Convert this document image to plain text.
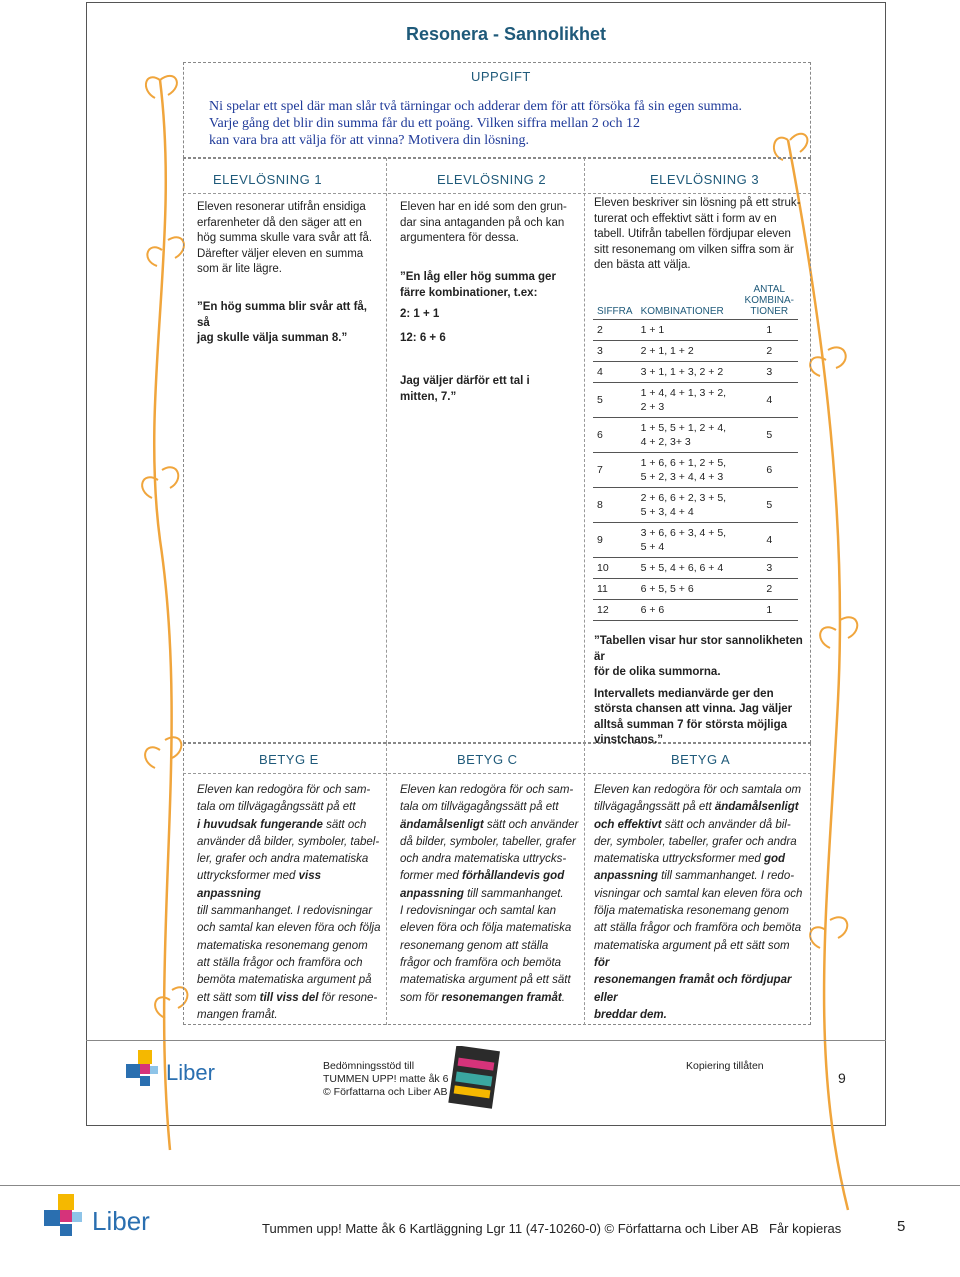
Resonera - Sannolikhet
UPPGIFT
Ni spelar ett spel där man slår två tärningar och adderar dem för att försöka få sin egen summa.
Varje gång det blir din summa får du ett poäng. Vilken siffra mellan 2 och 12
kan vara bra att välja för att vinna? Motivera din lösning.
ELEVLÖSNING 1	ELEVLÖSNING 2	ELEVLÖSNING 3
Eleven resonerar utifrån ensidiga
erfarenheter då den säger att en
hög summa skulle vara svår att få.
Därefter väljer eleven en summa
som är lite lägre.
”En hög summa blir svår att få, så
jag skulle välja summan 8.”
Eleven har en idé som den grun-
dar sina antaganden på och kan
argumentera för dessa.
”En låg eller hög summa ger
färre kombinationer, t.ex:
2: 1 + 1
12: 6 + 6
Jag väljer därför ett tal i
mitten, 7.”
Eleven beskriver sin lösning på ett struk-
turerat och effektivt sätt i form av en
tabell. Utifrån tabellen fördjupar eleven
sitt resonemang om vilken siffra som är
den bästa att välja.
SIFFRA	KOMBINATIONER	ANTAL
KOMBINA-
TIONER

2	1 + 1	1
3	2 + 1, 1 + 2	2
4	3 + 1, 1 + 3, 2 + 2	3
5	1 + 4, 4 + 1, 3 + 2,
2 + 3	4
6	1 + 5, 5 + 1, 2 + 4,
4 + 2, 3+ 3	5
7	1 + 6, 6 + 1, 2 + 5,
5 + 2, 3 + 4, 4 + 3	6
8	2 + 6, 6 + 2, 3 + 5,
5 + 3, 4 + 4	5
9	3 + 6, 6 + 3, 4 + 5,
5 + 4	4
10	5 + 5, 4 + 6, 6 + 4	3
11	6 + 5, 5 + 6	2
12	6 + 6	1
”Tabellen visar hur stor sannolikheten är
för de olika summorna.
Intervallets medianvärde ger den
största chansen att vinna. Jag väljer
alltså summan 7 för största möjliga
vinstchans.”
BETYG E	BETYG C	BETYG A
Eleven kan redogöra för och sam-
tala om tillvägagångssätt på ett
i huvudsak fungerande sätt och
använder då bilder, symboler, tabel-
ler, grafer och andra matematiska
uttrycksformer med viss anpassning
till sammanhanget. I redovisningar
och samtal kan eleven föra och följa
matematiska resonemang genom
att ställa frågor och framföra och
bemöta matematiska argument på
ett sätt som till viss del för resone-
mangen framåt.
Eleven kan redogöra för och sam-
tala om tillvägagångssätt på ett
ändamålsenligt sätt och använder
då bilder, symboler, tabeller, grafer
och andra matematiska uttrycks-
former med förhållandevis god
anpassning till sammanhanget.
I redovisningar och samtal kan
eleven föra och följa matematiska
resonemang genom att ställa
frågor och framföra och bemöta
matematiska argument på ett sätt
som för resonemangen framåt.
Eleven kan redogöra för och samtala om
tillvägagångssätt på ett ändamålsenligt
och effektivt sätt och använder då bil-
der, symboler, tabeller, grafer och andra
matematiska uttrycksformer med god
anpassning till sammanhanget. I redo-
visningar och samtal kan eleven föra och
följa matematiska resonemang genom
att ställa frågor och framföra och bemöta
matematiska argument på ett sätt som för
resonemangen framåt och fördjupar eller
breddar dem.
Liber	Bedömningsstöd till
TUMMEN UPP! matte åk 6
© Författarna och Liber AB
Kopiering tillåten
9
Liber	Tummen upp! Matte åk 6 Kartläggning Lgr 11 (47-10260-0) © Författarna och Liber AB Får kopieras	5
